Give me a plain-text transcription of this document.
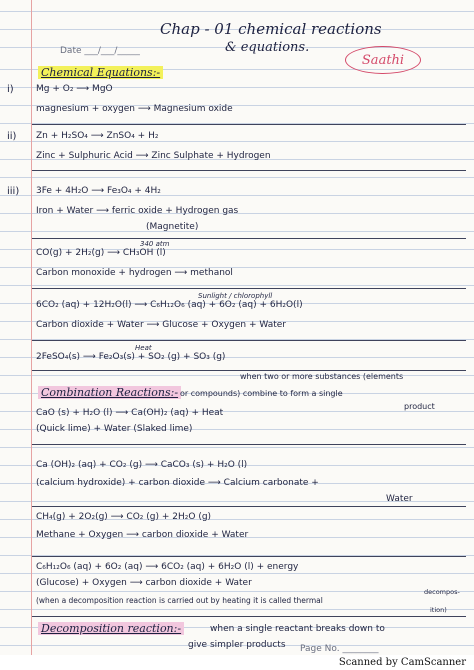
Chap - 01 chemical reactions
& equations.
Date ___/___/_____
Saathi
Chemical Equations:-
i) Mg + O₂ ⟶ MgO
magnesium + oxygen ⟶ Magnesium oxide
ii) Zn + H₂SO₄ ⟶ ZnSO₄ + H₂
Zinc + Sulphuric Acid ⟶ Zinc Sulphate + Hydrogen
iii) 3Fe + 4H₂O ⟶ Fe₃O₄ + 4H₂
Iron + Water ⟶ ferric oxide + Hydrogen gas
(Magnetite)
340 atm
CO(g) + 2H₂(g) ⟶ CH₃OH (l)
Carbon monoxide + hydrogen ⟶ methanol
Sunlight / chlorophyll
6CO₂ (aq) + 12H₂O(l) ⟶ C₆H₁₂O₆ (aq) + 6O₂ (aq) + 6H₂O(l)
Carbon dioxide + Water ⟶ Glucose + Oxygen + Water
Heat
2FeSO₄(s) ⟶ Fe₂O₃(s) + SO₂ (g) + SO₃ (g)
when two or more substances (elements
Combination Reactions:- or compounds) combine to form a single
product
CaO (s) + H₂O (l) ⟶ Ca(OH)₂ (aq) + Heat
(Quick lime) + Water (Slaked lime)
Ca (OH)₂ (aq) + CO₂ (g) ⟶ CaCO₃ (s) + H₂O (l)
(calcium hydroxide) + carbon dioxide ⟶ Calcium carbonate +
Water
CH₄(g) + 2O₂(g) ⟶ CO₂ (g) + 2H₂O (g)
Methane + Oxygen ⟶ carbon dioxide + Water
C₆H₁₂O₆ (aq) + 6O₂ (aq) ⟶ 6CO₂ (aq) + 6H₂O (l) + energy
(Glucose) + Oxygen ⟶ carbon dioxide + Water
(when a decomposition reaction is carried out by heating it is called thermal
decompos-
ition)
Decomposition reaction:-	when a single reactant breaks down to
give simpler products Page No. ________
Scanned by CamScanner
